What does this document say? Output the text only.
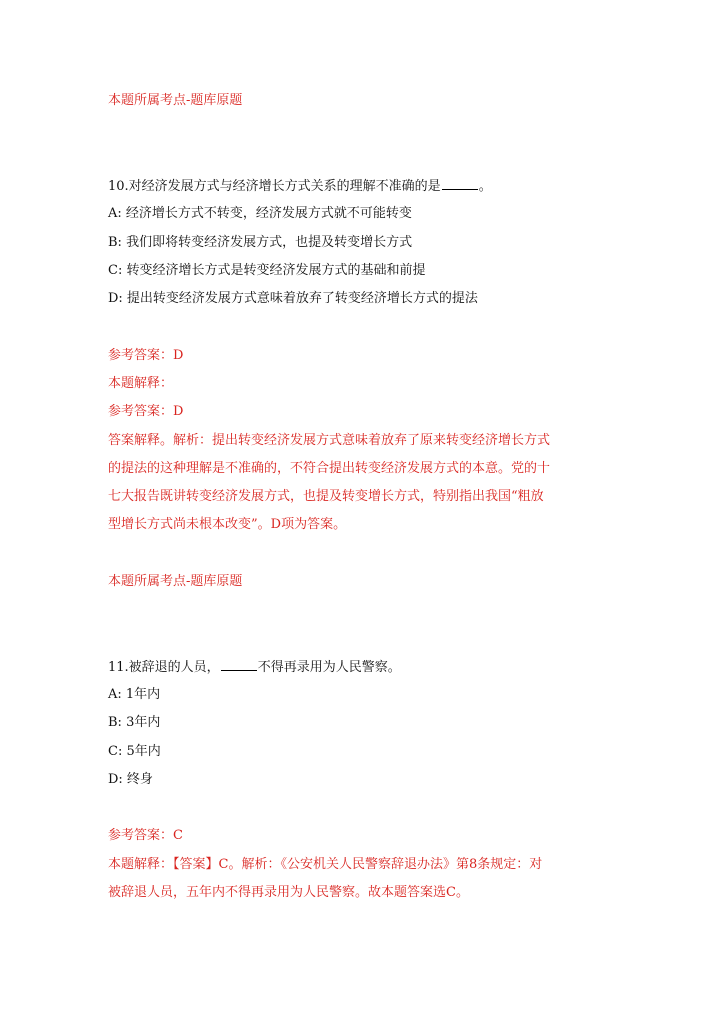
本题所属考点-题库原题
10.对经济发展方式与经济增长方式关系的理解不准确的是	。
A: 经济增长方式不转变，经济发展方式就不可能转变
B: 我们即将转变经济发展方式，也提及转变增长方式
C: 转变经济增长方式是转变经济发展方式的基础和前提
D: 提出转变经济发展方式意味着放弃了转变经济增长方式的提法
参考答案：D
本题解释：
参考答案：D
答案解释。解析：提出转变经济发展方式意味着放弃了原来转变经济增长方式
的提法的这种理解是不准确的，不符合提出转变经济发展方式的本意。党的十
七大报告既讲转变经济发展方式，也提及转变增长方式，特别指出我国“粗放
型增长方式尚未根本改变”。D项为答案。
本题所属考点-题库原题
11.被辞退的人员，	不得再录用为人民警察。
A: 1年内
B: 3年内
C: 5年内
D: 终身
参考答案：C
本题解释：【答案】C。解析：《公安机关人民警察辞退办法》第8条规定：对
被辞退人员，五年内不得再录用为人民警察。故本题答案选C。
